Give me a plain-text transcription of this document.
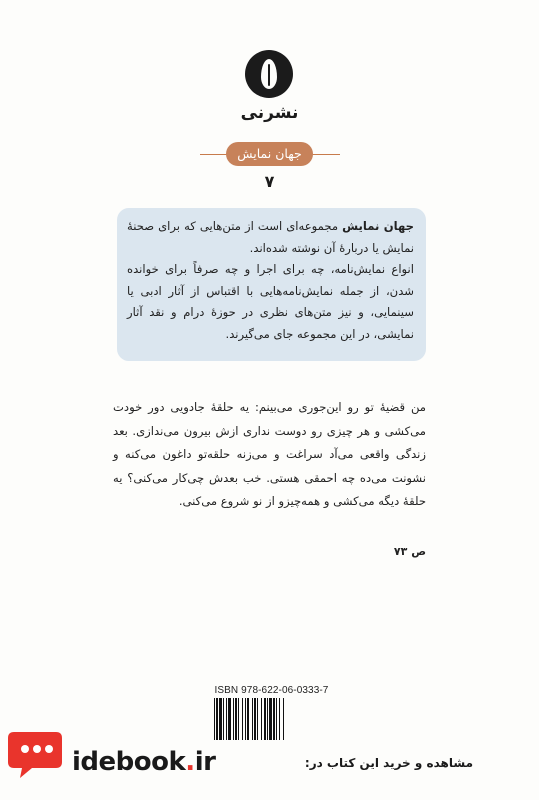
نشرنی
جهان نمایش
۷

جهان نمایش مجموعه‌ای است از متن‌هایی که برای صحنهٔ نمایش یا دربارهٔ آن نوشته شده‌اند.

انواع نمایش‌نامه، چه برای اجرا و چه صرفاً برای خوانده شدن، از جمله نمایش‌نامه‌هایی با اقتباس از آثار ادبی یا سینمایی، و نیز متن‌های نظری در حوزهٔ درام و نقد آثار نمایشی، در این مجموعه جای می‌گیرند.

من قضیهٔ تو رو این‌جوری می‌بینم: یه حلقهٔ جادویی دور خودت می‌کشی و هر چیزی رو دوست نداری ازش بیرون می‌ندازی. بعد زندگی واقعی می‌آد سراغت و می‌زنه حلقه‌تو داغون می‌کنه و نشونت می‌ده چه احمقی هستی. خب بعدش چی‌کار می‌کنی؟ یه حلقهٔ دیگه می‌کشی و همه‌چیزو از نو شروع می‌کنی.
ص ۷۳
ISBN 978-622-06-0333-7
idebook.ir	مشاهده و خرید این کتاب در:
